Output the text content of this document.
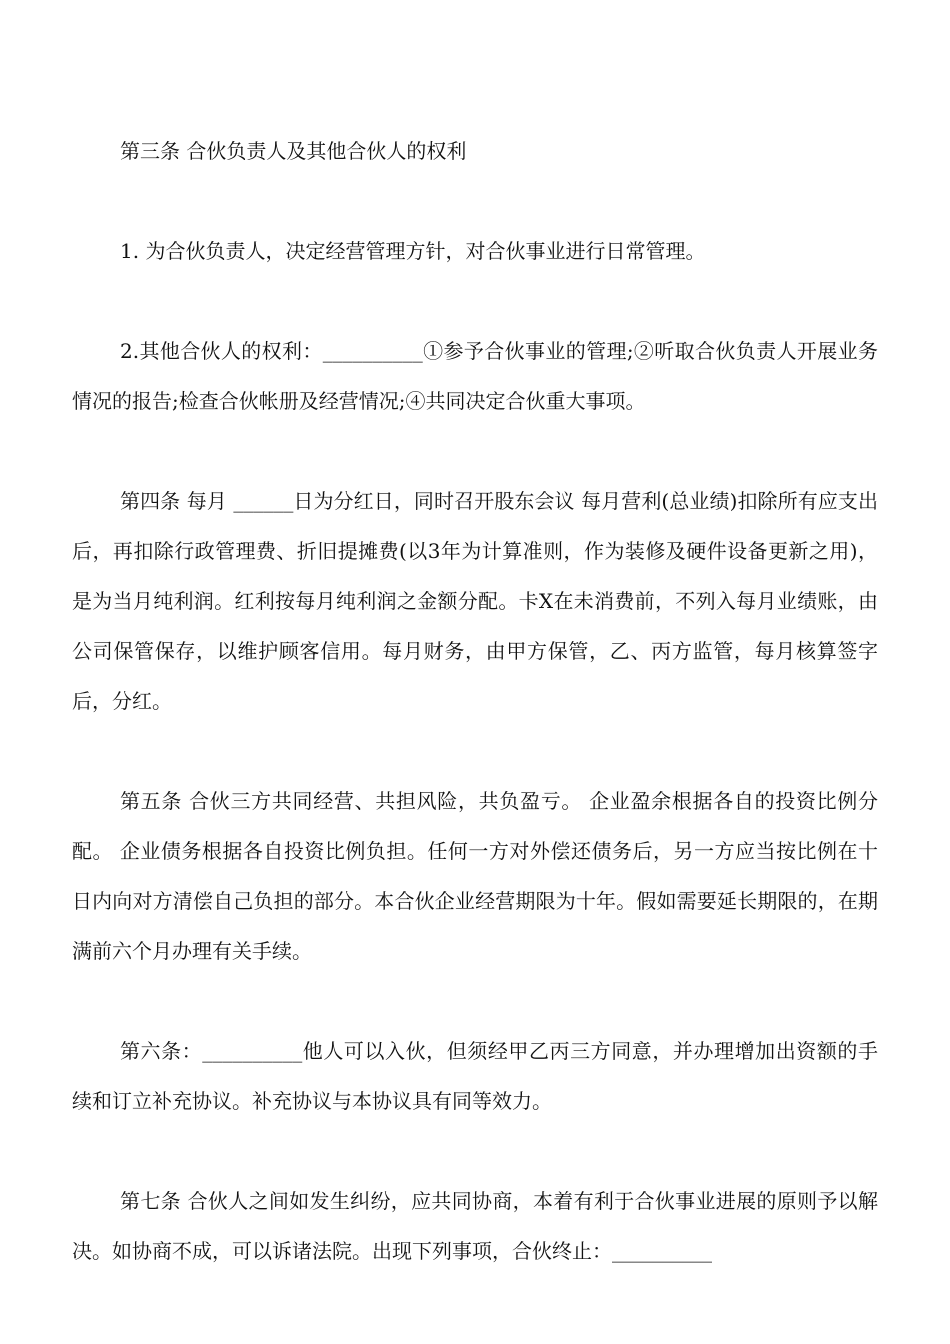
第三条 合伙负责人及其他合伙人的权利

1. 为合伙负责人，决定经营管理方针，对合伙事业进行日常管理。

2.其他合伙人的权利：__________①参予合伙事业的管理;②听取合伙负责人开展业务情况的报告;检查合伙帐册及经营情况;④共同决定合伙重大事项。

第四条 每月 ______日为分红日，同时召开股东会议 每月营利(总业绩)扣除所有应支出后，再扣除行政管理费、折旧提摊费(以3年为计算准则，作为装修及硬件设备更新之用)，是为当月纯利润。红利按每月纯利润之金额分配。卡X在未消费前，不列入每月业绩账，由公司保管保存，以维护顾客信用。每月财务，由甲方保管，乙、丙方监管，每月核算签字后，分红。

第五条 合伙三方共同经营、共担风险，共负盈亏。 企业盈余根据各自的投资比例分配。 企业债务根据各自投资比例负担。任何一方对外偿还债务后，另一方应当按比例在十日内向对方清偿自己负担的部分。本合伙企业经营期限为十年。假如需要延长期限的，在期满前六个月办理有关手续。

第六条：__________他人可以入伙，但须经甲乙丙三方同意，并办理增加出资额的手续和订立补充协议。补充协议与本协议具有同等效力。

第七条 合伙人之间如发生纠纷，应共同协商，本着有利于合伙事业进展的原则予以解决。如协商不成，可以诉诸法院。出现下列事项，合伙终止：__________
